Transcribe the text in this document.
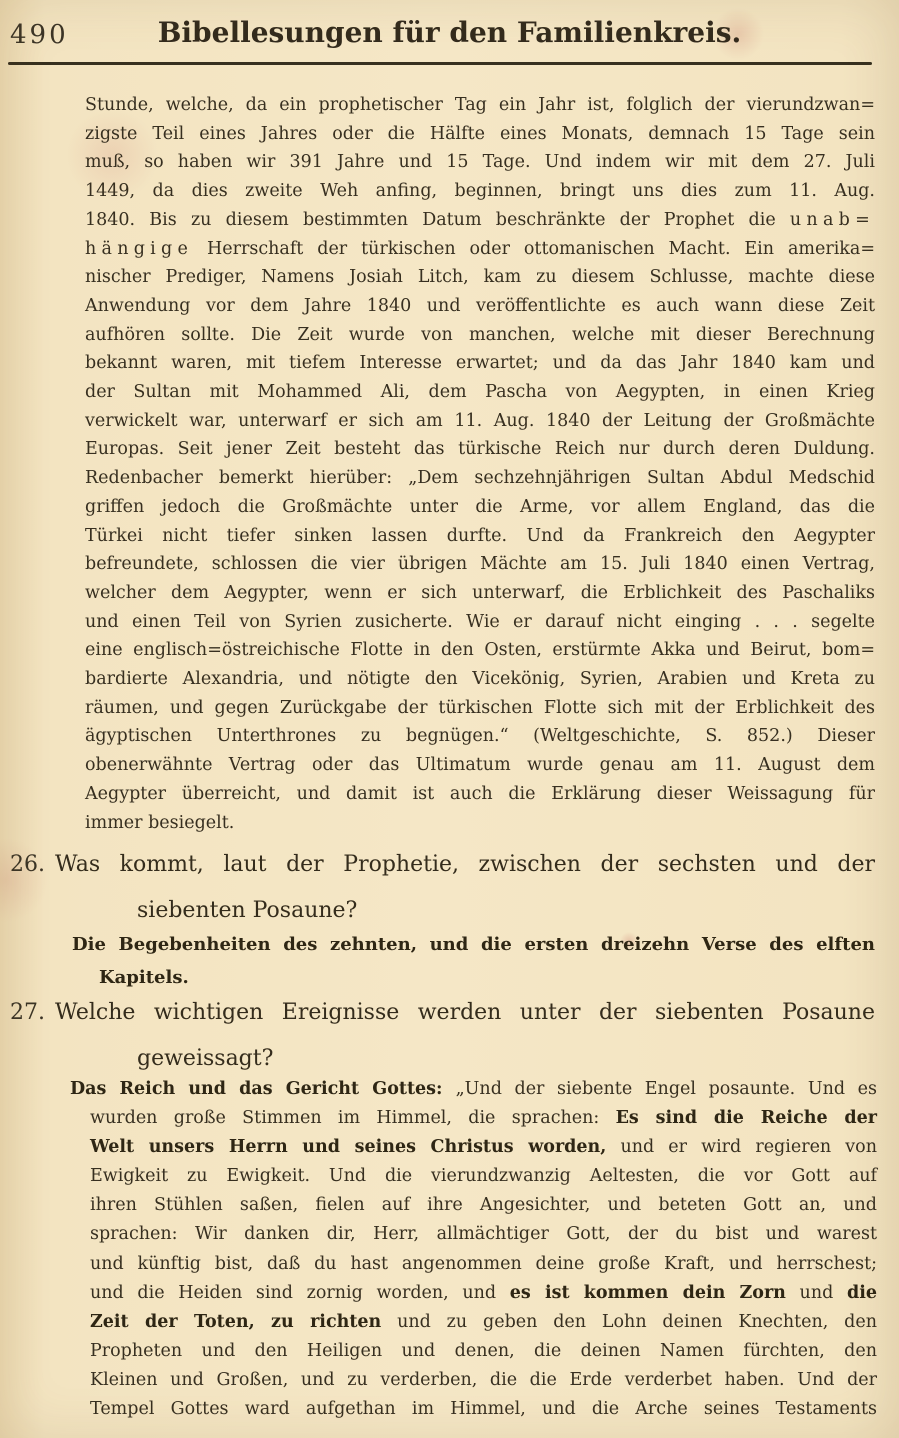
490	Bibellesungen für den Familienkreis.
Stunde, welche, da ein prophetischer Tag ein Jahr ist, folglich der vierundzwan=
zigste Teil eines Jahres oder die Hälfte eines Monats, demnach 15 Tage sein
muß, so haben wir 391 Jahre und 15 Tage. Und indem wir mit dem 27. Juli
1449, da dies zweite Weh anfing, beginnen, bringt uns dies zum 11. Aug.
1840. Bis zu diesem bestimmten Datum beschränkte der Prophet die unab=
hängige Herrschaft der türkischen oder ottomanischen Macht. Ein amerika=
nischer Prediger, Namens Josiah Litch, kam zu diesem Schlusse, machte diese
Anwendung vor dem Jahre 1840 und veröffentlichte es auch wann diese Zeit
aufhören sollte. Die Zeit wurde von manchen, welche mit dieser Berechnung
bekannt waren, mit tiefem Interesse erwartet; und da das Jahr 1840 kam und
der Sultan mit Mohammed Ali, dem Pascha von Aegypten, in einen Krieg
verwickelt war, unterwarf er sich am 11. Aug. 1840 der Leitung der Großmächte
Europas. Seit jener Zeit besteht das türkische Reich nur durch deren Duldung.
Redenbacher bemerkt hierüber: „Dem sechzehnjährigen Sultan Abdul Medschid
griffen jedoch die Großmächte unter die Arme, vor allem England, das die
Türkei nicht tiefer sinken lassen durfte. Und da Frankreich den Aegypter
befreundete, schlossen die vier übrigen Mächte am 15. Juli 1840 einen Vertrag,
welcher dem Aegypter, wenn er sich unterwarf, die Erblichkeit des Paschaliks
und einen Teil von Syrien zusicherte. Wie er darauf nicht einging . . . segelte
eine englisch=östreichische Flotte in den Osten, erstürmte Akka und Beirut, bom=
bardierte Alexandria, und nötigte den Vicekönig, Syrien, Arabien und Kreta zu
räumen, und gegen Zurückgabe der türkischen Flotte sich mit der Erblichkeit des
ägyptischen Unterthrones zu begnügen.“ (Weltgeschichte, S. 852.) Dieser
obenerwähnte Vertrag oder das Ultimatum wurde genau am 11. August dem
Aegypter überreicht, und damit ist auch die Erklärung dieser Weissagung für
immer besiegelt.
26. Was kommt, laut der Prophetie, zwischen der sechsten und der
siebenten Posaune?
Die Begebenheiten des zehnten, und die ersten dreizehn Verse des elften
Kapitels.
27. Welche wichtigen Ereignisse werden unter der siebenten Posaune
geweissagt?
Das Reich und das Gericht Gottes: „Und der siebente Engel posaunte. Und es
wurden große Stimmen im Himmel, die sprachen: Es sind die Reiche der
Welt unsers Herrn und seines Christus worden, und er wird regieren von
Ewigkeit zu Ewigkeit. Und die vierundzwanzig Aeltesten, die vor Gott auf
ihren Stühlen saßen, fielen auf ihre Angesichter, und beteten Gott an, und
sprachen: Wir danken dir, Herr, allmächtiger Gott, der du bist und warest
und künftig bist, daß du hast angenommen deine große Kraft, und herrschest;
und die Heiden sind zornig worden, und es ist kommen dein Zorn und die
Zeit der Toten, zu richten und zu geben den Lohn deinen Knechten, den
Propheten und den Heiligen und denen, die deinen Namen fürchten, den
Kleinen und Großen, und zu verderben, die die Erde verderbet haben. Und der
Tempel Gottes ward aufgethan im Himmel, und die Arche seines Testaments
